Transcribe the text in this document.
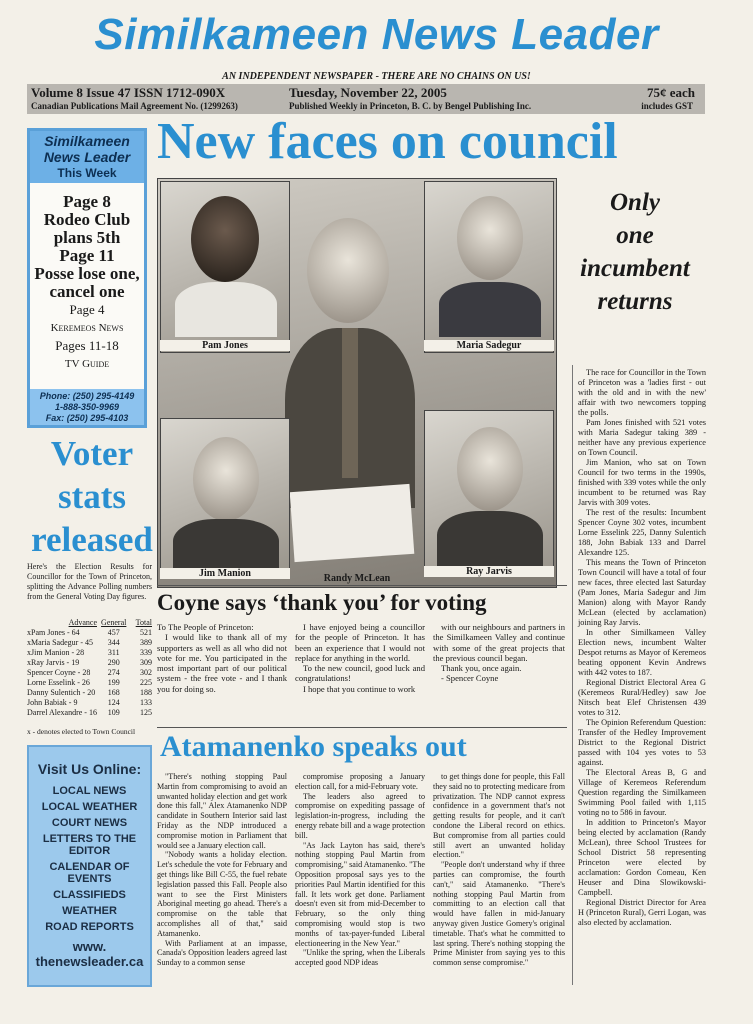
Similkameen News Leader
AN INDEPENDENT NEWSPAPER - THERE ARE NO CHAINS ON US!
Volume 8 Issue 47 ISSN 1712-090X
Canadian Publications Mail Agreement No. (1299263)
Tuesday, November 22, 2005
Published Weekly in Princeton, B. C. by Bengel Publishing Inc.
75¢ each
includes GST
Similkameen
News Leader
This Week
Page 8
Rodeo Club
plans 5th
Page 11
Posse lose one,
cancel one
Page 4
Keremeos News
Pages 11-18
TV Guide
Phone: (250) 295-4149
1-888-350-9969
Fax: (250) 295-4103
New faces on council
Pam Jones	Maria Sadegur
Randy McLean
Jim Manion	Ray Jarvis
Only
one
incumbent
returns

The race for Councillor in the Town of Princeton was a 'ladies first - out with the old and in with the new' affair with two newcomers topping the polls.

Pam Jones finished with 521 votes with Maria Sadegur taking 389 - neither have any previous experience on Town Council.

Jim Manion, who sat on Town Council for two terms in the 1990s, finished with 339 votes while the only incumbent to be returned was Ray Jarvis with 309 votes.

The rest of the results: Incumbent Spencer Coyne 302 votes, incumbent Lorne Esselink 225, Danny Sulentich 188, John Babiak 133 and Darrel Alexandre 125.

This means the Town of Princeton Town Council will have a total of four new faces, three elected last Saturday (Pam Jones, Maria Sadegur and Jim Manion) along with Mayor Randy McLean (elected by acclamation) joining Ray Jarvis.

In other Similkameen Valley Election news, incumbent Walter Despot returns as Mayor of Keremeos beating opponent Kevin Andrews with 442 votes to 187.

Regional District Electoral Area G (Keremeos Rural/Hedley) saw Joe Nitsch beat Elef Christensen 439 votes to 312.

The Opinion Referendum Question: Transfer of the Hedley Improvement District to the Regional District passed with 104 yes votes to 53 against.

The Electoral Areas B, G and Village of Keremeos Referendum Question regarding the Similkameen Swimming Pool failed with 1,115 voting no to 586 in favour.

In addition to Princeton's Mayor being elected by acclamation (Randy McLean), three School Trustees for School District 58 representing Princeton were elected by acclamation: Gordon Comeau, Ken Heuser and Dina Slowikowski-Campbell.

Regional District Director for Area H (Princeton Rural), Gerri Logan, was also elected by acclamation.

Voter
stats
released
Here's the Election Results for Councillor for the Town of Princeton, splitting the Advance Polling numbers from the General Voting Day figures.
Advance	General	Total
xPam Jones - 64	457	521
xMaria Sadegur - 45	344	389
xJim Manion - 28	311	339
xRay Jarvis - 19	290	309
Spencer Coyne - 28	274	302
Lorne Esselink - 26	199	225
Danny Sulentich - 20	168	188
John Babiak - 9	124	133
Darrel Alexandre - 16	109	125
x - denotes elected to Town Council
Visit Us Online:
LOCAL NEWS
LOCAL WEATHER
COURT NEWS
LETTERS TO THE EDITOR
CALENDAR OF EVENTS
CLASSIFIEDS
WEATHER
ROAD REPORTS
www.
thenewsleader.ca
Coyne says ‘thank you’ for voting

To The People of Princeton:

I would like to thank all of my supporters as well as all who did not vote for me. You participated in the most important part of our political system - the free vote - and I thank you for doing so.

I have enjoyed being a councillor for the people of Princeton. It has been an experience that I would not replace for anything in the world.

To the new council, good luck and congratulations!

I hope that you continue to work

with our neighbours and partners in the Similkameen Valley and continue with some of the great projects that the previous council began.

Thank you, once again.

- Spencer Coyne

Atamanenko speaks out

"There's nothing stopping Paul Martin from compromising to avoid an unwanted holiday election and get work done this fall," Alex Atamanenko NDP candidate in Southern Interior said last Friday as the NDP introduced a compromise motion in Parliament that would see a January election call.

"Nobody wants a holiday election. Let's schedule the vote for February and get things like Bill C-55, the fuel rebate legislation passed this Fall. People also want to see the First Ministers Aboriginal meeting go ahead. There's a compromise on the table that accomplishes all of that," said Atamanenko.

With Parliament at an impasse, Canada's Opposition leaders agreed last Sunday to a common sense

compromise proposing a January election call, for a mid-February vote.

The leaders also agreed to compromise on expediting passage of legislation-in-progress, including the energy rebate bill and a wage protection bill.

"As Jack Layton has said, there's nothing stopping Paul Martin from compromising," said Atamanenko. "The Opposition proposal says yes to the priorities Paul Martin identified for this fall. It lets work get done. Parliament doesn't even sit from mid-December to February, so the only thing compromising would stop is two months of tax-payer-funded Liberal electioneering in the New Year."

"Unlike the spring, when the Liberals accepted good NDP ideas

to get things done for people, this Fall they said no to protecting medicare from privatization. The NDP cannot express confidence in a government that's not getting results for people, and it can't condone the Liberal record on ethics. But compromise from all parties could still avert an unwanted holiday election."

"People don't understand why if three parties can compromise, the fourth can't," said Atamanenko. "There's nothing stopping Paul Martin from committing to an election call that would have fallen in mid-January anyway given Justice Gomery's original timetable. That's what he committed to last spring. There's nothing stopping the Prime Minister from saying yes to this common sense compromise."
